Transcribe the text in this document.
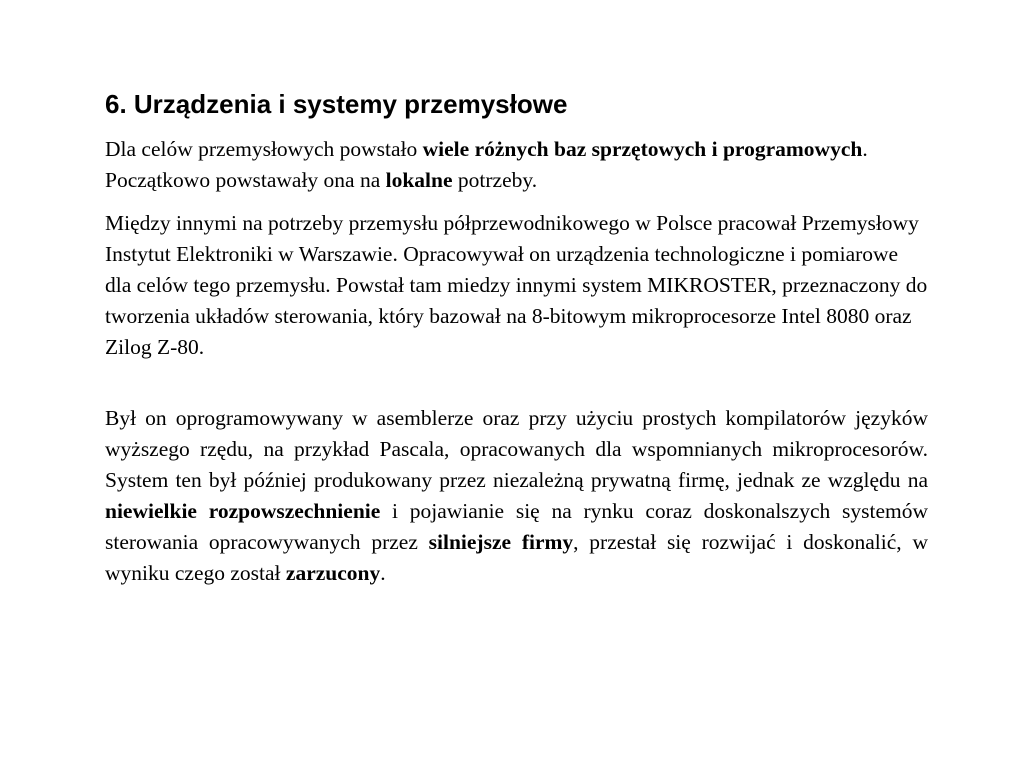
6. Urządzenia i systemy przemysłowe

Dla celów przemysłowych powstało wiele różnych baz sprzętowych i programowych. Początkowo powstawały ona na lokalne potrzeby.

Między innymi na potrzeby przemysłu półprzewodnikowego w Polsce pracował Przemysłowy Instytut Elektroniki w Warszawie. Opracowywał on urządzenia technologiczne i pomiarowe dla celów tego przemysłu. Powstał tam miedzy innymi system MIKROSTER, przeznaczony do tworzenia układów sterowania, który bazował na 8-bitowym mikroprocesorze Intel 8080 oraz Zilog Z-80.

Był on oprogramowywany w asemblerze oraz przy użyciu prostych kompilatorów języków wyższego rzędu, na przykład Pascala, opracowanych dla wspomnianych mikroprocesorów. System ten był później produkowany przez niezależną prywatną firmę, jednak ze względu na niewielkie rozpowszechnienie i pojawianie się na rynku coraz doskonalszych systemów sterowania opracowywanych przez silniejsze firmy, przestał się rozwijać i doskonalić, w wyniku czego został zarzucony.
